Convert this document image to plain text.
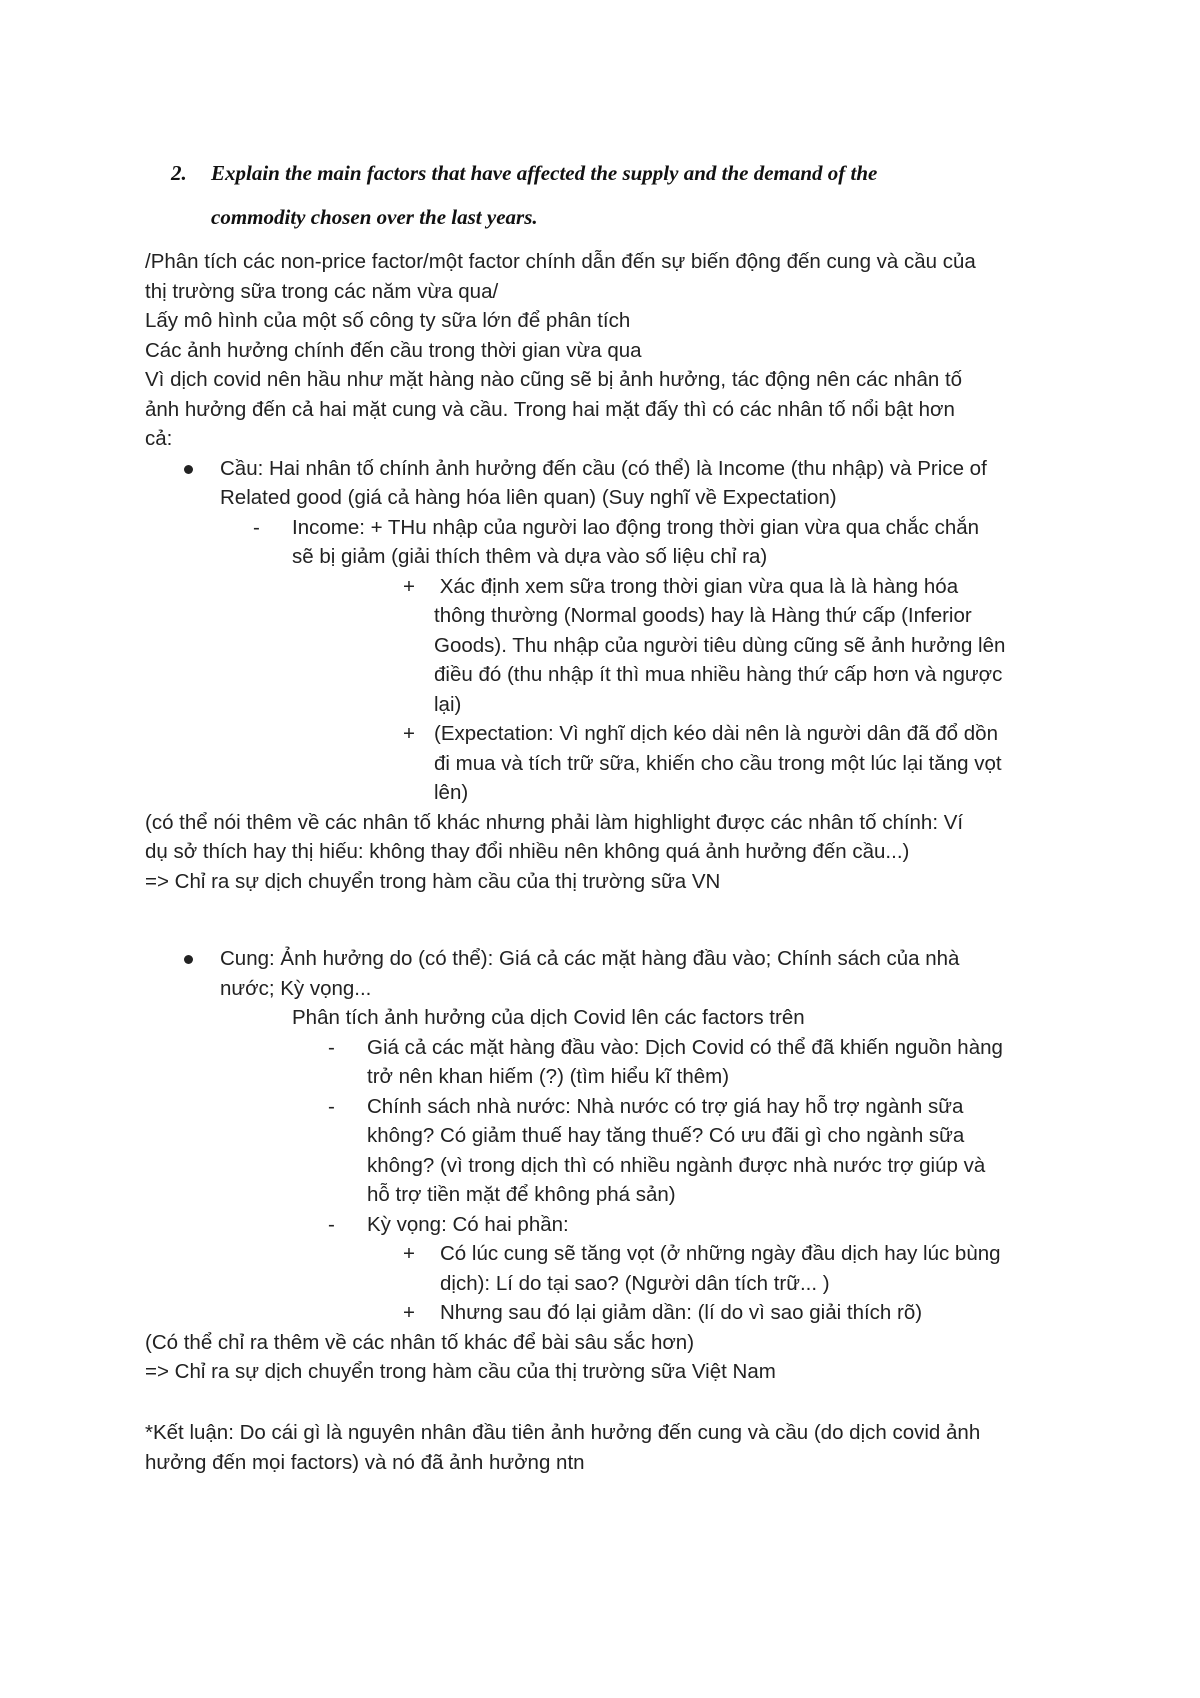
2.	Explain the main factors that have affected the supply and the demand of the
commodity chosen over the last years.
/Phân tích các non-price factor/một factor chính dẫn đến sự biến động đến cung và cầu của
thị trường sữa trong các năm vừa qua/
Lấy mô hình của một số công ty sữa lớn để phân tích
Các ảnh hưởng chính đến cầu trong thời gian vừa qua
Vì dịch covid nên hầu như mặt hàng nào cũng sẽ bị ảnh hưởng, tác động nên các nhân tố
ảnh hưởng đến cả hai mặt cung và cầu. Trong hai mặt đấy thì có các nhân tố nổi bật hơn
cả:
Cầu: Hai nhân tố chính ảnh hưởng đến cầu (có thể) là Income (thu nhập) và Price of
Related good (giá cả hàng hóa liên quan) (Suy nghĩ về Expectation)
- Income: + THu nhập của người lao động trong thời gian vừa qua chắc chắn
sẽ bị giảm (giải thích thêm và dựa vào số liệu chỉ ra)
+ Xác định xem sữa trong thời gian vừa qua là là hàng hóa
thông thường (Normal goods) hay là Hàng thứ cấp (Inferior
Goods). Thu nhập của người tiêu dùng cũng sẽ ảnh hưởng lên
điều đó (thu nhập ít thì mua nhiều hàng thứ cấp hơn và ngược
lại)
+ (Expectation: Vì nghĩ dịch kéo dài nên là người dân đã đổ dồn
đi mua và tích trữ sữa, khiến cho cầu trong một lúc lại tăng vọt
lên)
(có thể nói thêm về các nhân tố khác nhưng phải làm highlight được các nhân tố chính: Ví
dụ sở thích hay thị hiếu: không thay đổi nhiều nên không quá ảnh hưởng đến cầu...)
=> Chỉ ra sự dịch chuyển trong hàm cầu của thị trường sữa VN
Cung: Ảnh hưởng do (có thể): Giá cả các mặt hàng đầu vào; Chính sách của nhà
nước; Kỳ vọng...
Phân tích ảnh hưởng của dịch Covid lên các factors trên
- Giá cả các mặt hàng đầu vào: Dịch Covid có thể đã khiến nguồn hàng
trở nên khan hiếm (?) (tìm hiểu kĩ thêm)
- Chính sách nhà nước: Nhà nước có trợ giá hay hỗ trợ ngành sữa
không? Có giảm thuế hay tăng thuế? Có ưu đãi gì cho ngành sữa
không? (vì trong dịch thì có nhiều ngành được nhà nước trợ giúp và
hỗ trợ tiền mặt để không phá sản)
- Kỳ vọng: Có hai phần:
+ Có lúc cung sẽ tăng vọt (ở những ngày đầu dịch hay lúc bùng
dịch): Lí do tại sao? (Người dân tích trữ... )
+ Nhưng sau đó lại giảm dần: (lí do vì sao giải thích rõ)
(Có thể chỉ ra thêm về các nhân tố khác để bài sâu sắc hơn)
=> Chỉ ra sự dịch chuyển trong hàm cầu của thị trường sữa Việt Nam
*Kết luận: Do cái gì là nguyên nhân đầu tiên ảnh hưởng đến cung và cầu (do dịch covid ảnh
hưởng đến mọi factors) và nó đã ảnh hưởng ntn
